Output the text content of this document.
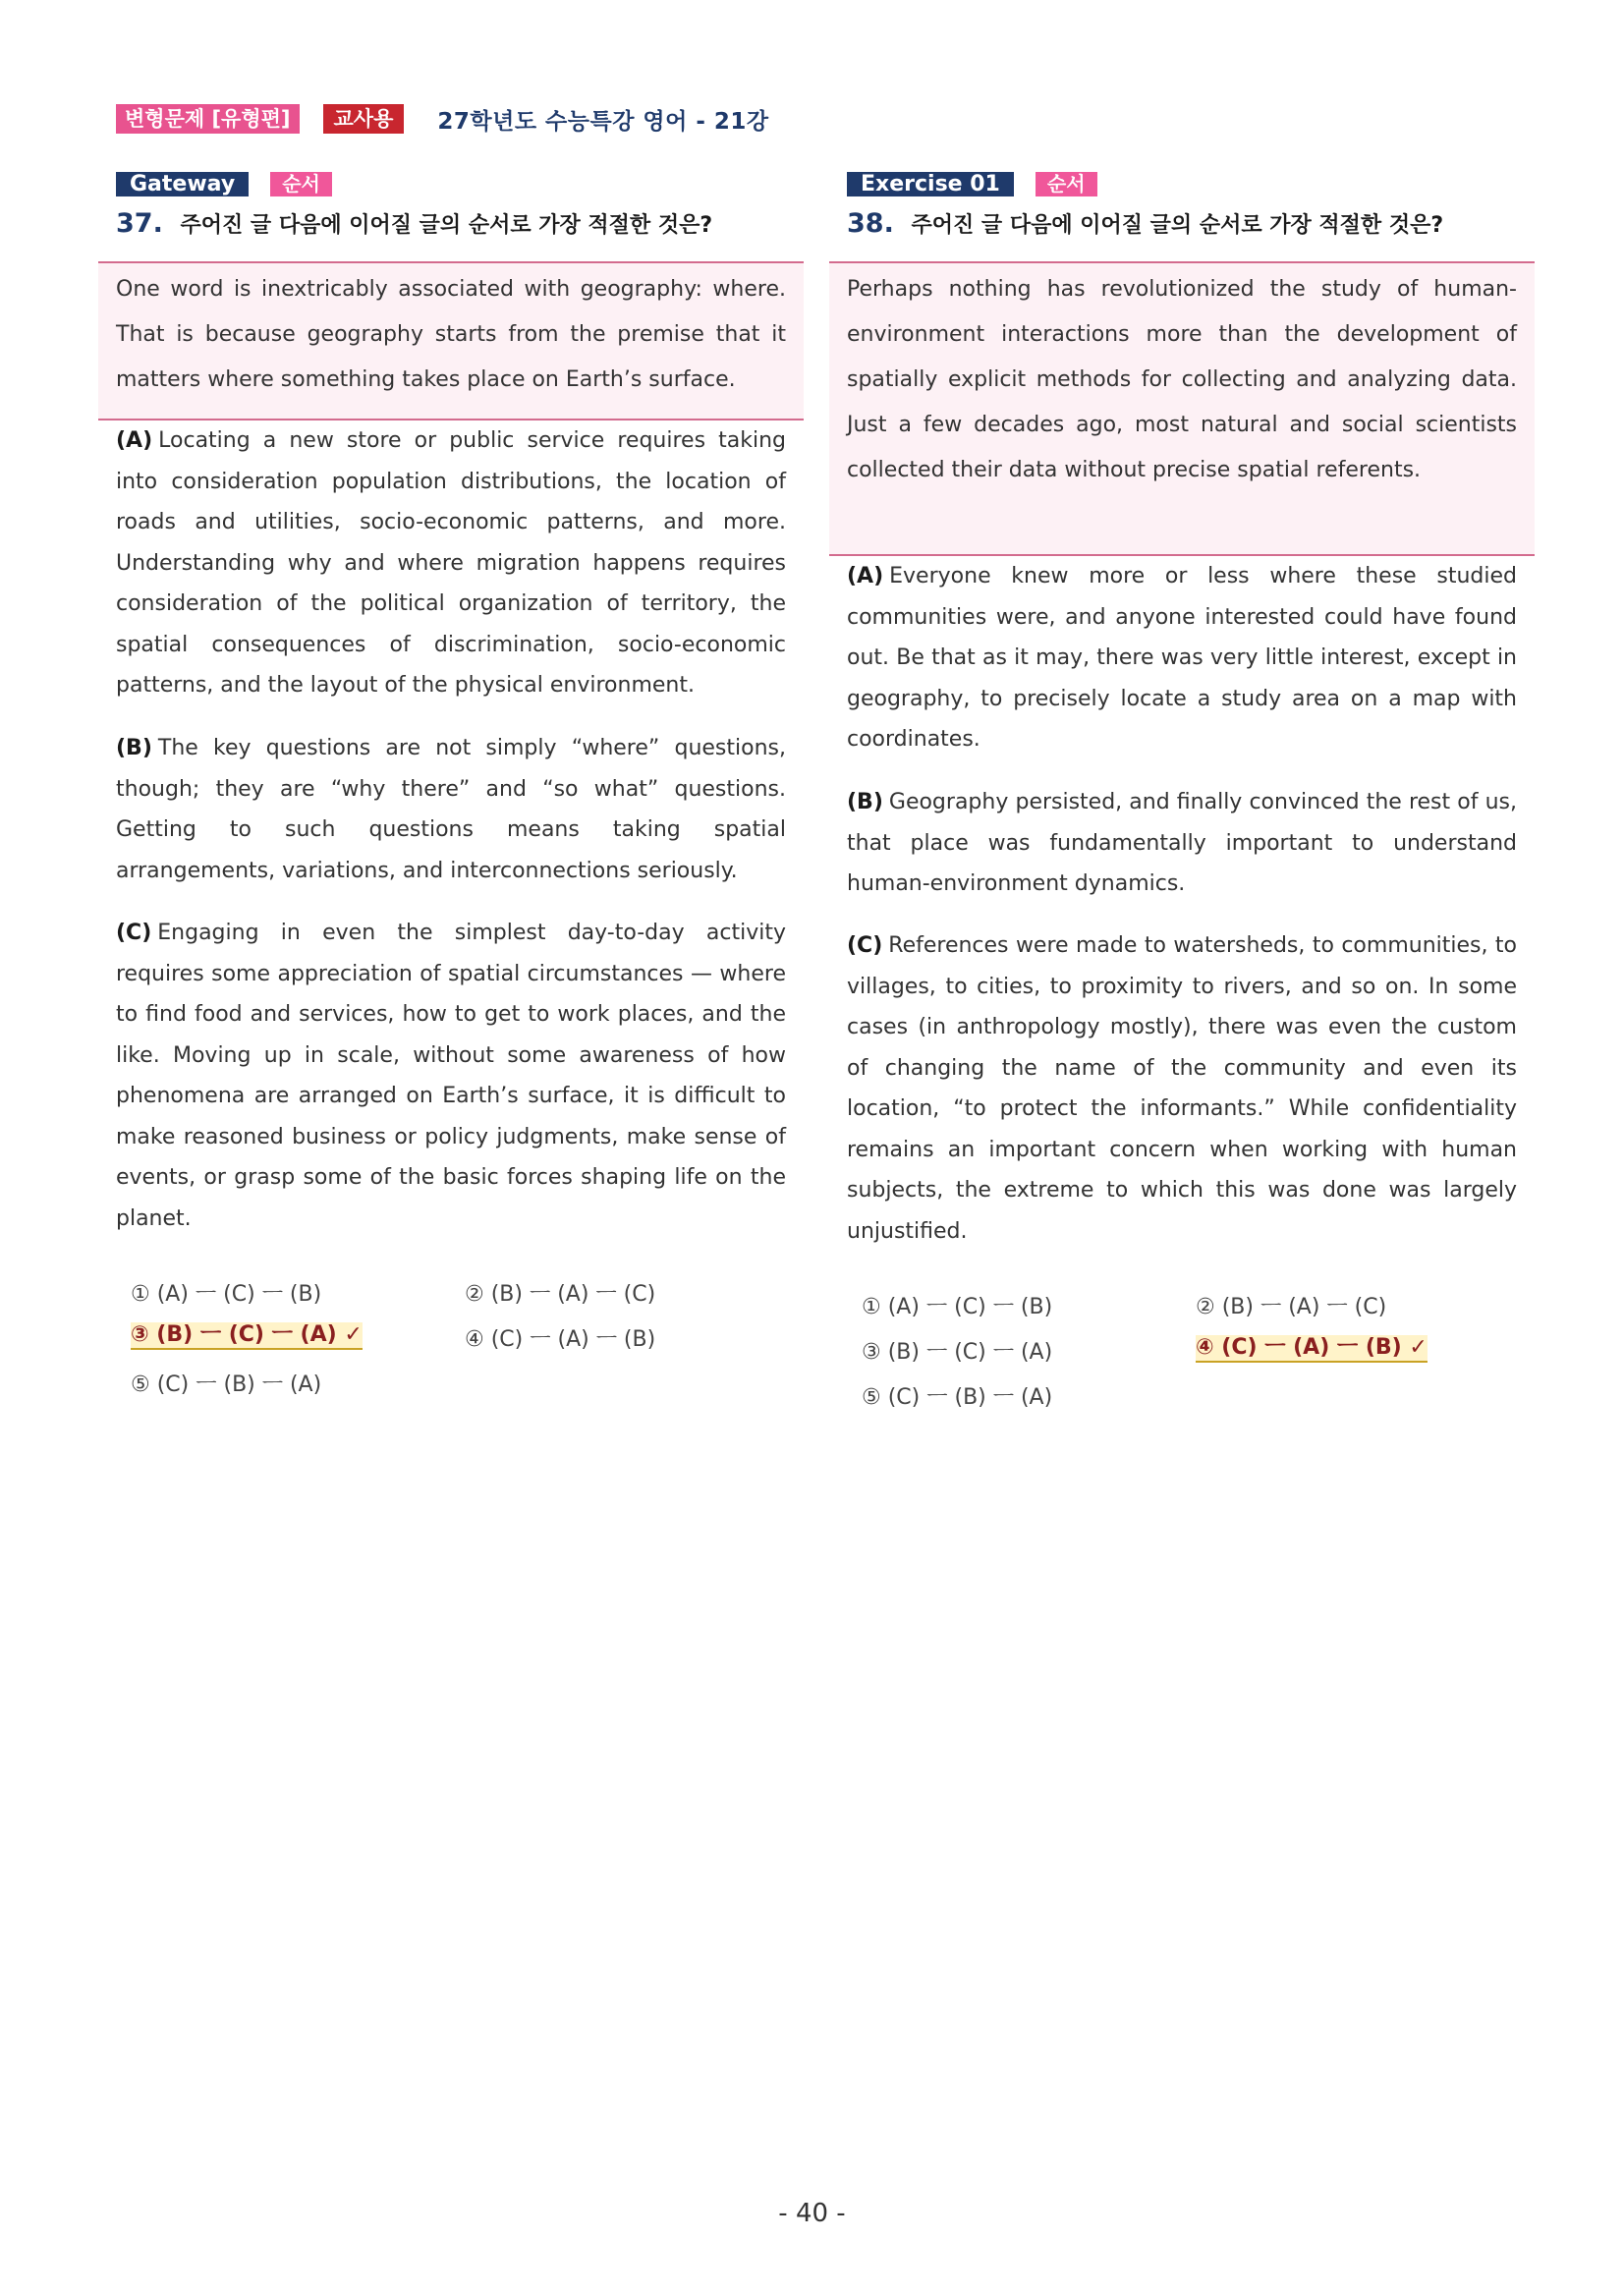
변형문제 [유형편]	교사용	27학년도 수능특강 영어 - 21강
Gateway	순서
37. 주어진 글 다음에 이어질 글의 순서로 가장 적절한 것은?

One word is inextricably associated with geography: where. That is because geography starts from the premise that it matters where something takes place on Earth’s surface.

(A) Locating a new store or public service requires taking into consideration population distributions, the location of roads and utilities, socio-economic patterns, and more. Understanding why and where migration happens requires consideration of the political organization of territory, the spatial consequences of discrimination, socio-economic patterns, and the layout of the physical environment.

(B) The key questions are not simply “where” questions, though; they are “why there” and “so what” questions. Getting to such questions means taking spatial arrangements, variations, and interconnections seriously.

(C) Engaging in even the simplest day-to-day activity requires some appreciation of spatial circumstances — where to find food and services, how to get to work places, and the like. Moving up in scale, without some awareness of how phenomena are arranged on Earth’s surface, it is difficult to make reasoned business or policy judgments, make sense of events, or grasp some of the basic forces shaping life on the planet.

① (A) ㅡ (C) ㅡ (B)	② (B) ㅡ (A) ㅡ (C)
③ (B) ㅡ (C) ㅡ (A) ✓	④ (C) ㅡ (A) ㅡ (B)
⑤ (C) ㅡ (B) ㅡ (A)
Exercise 01	순서
38. 주어진 글 다음에 이어질 글의 순서로 가장 적절한 것은?

Perhaps nothing has revolutionized the study of human-environment interactions more than the development of spatially explicit methods for collecting and analyzing data. Just a few decades ago, most natural and social scientists collected their data without precise spatial referents.

(A) Everyone knew more or less where these studied communities were, and anyone interested could have found out. Be that as it may, there was very little interest, except in geography, to precisely locate a study area on a map with coordinates.

(B) Geography persisted, and finally convinced the rest of us, that place was fundamentally important to understand human-environment dynamics.

(C) References were made to watersheds, to communities, to villages, to cities, to proximity to rivers, and so on. In some cases (in anthropology mostly), there was even the custom of changing the name of the community and even its location, “to protect the informants.” While confidentiality remains an important concern when working with human subjects, the extreme to which this was done was largely unjustified.

① (A) ㅡ (C) ㅡ (B)	② (B) ㅡ (A) ㅡ (C)
③ (B) ㅡ (C) ㅡ (A)	④ (C) ㅡ (A) ㅡ (B) ✓
⑤ (C) ㅡ (B) ㅡ (A)
- 40 -
